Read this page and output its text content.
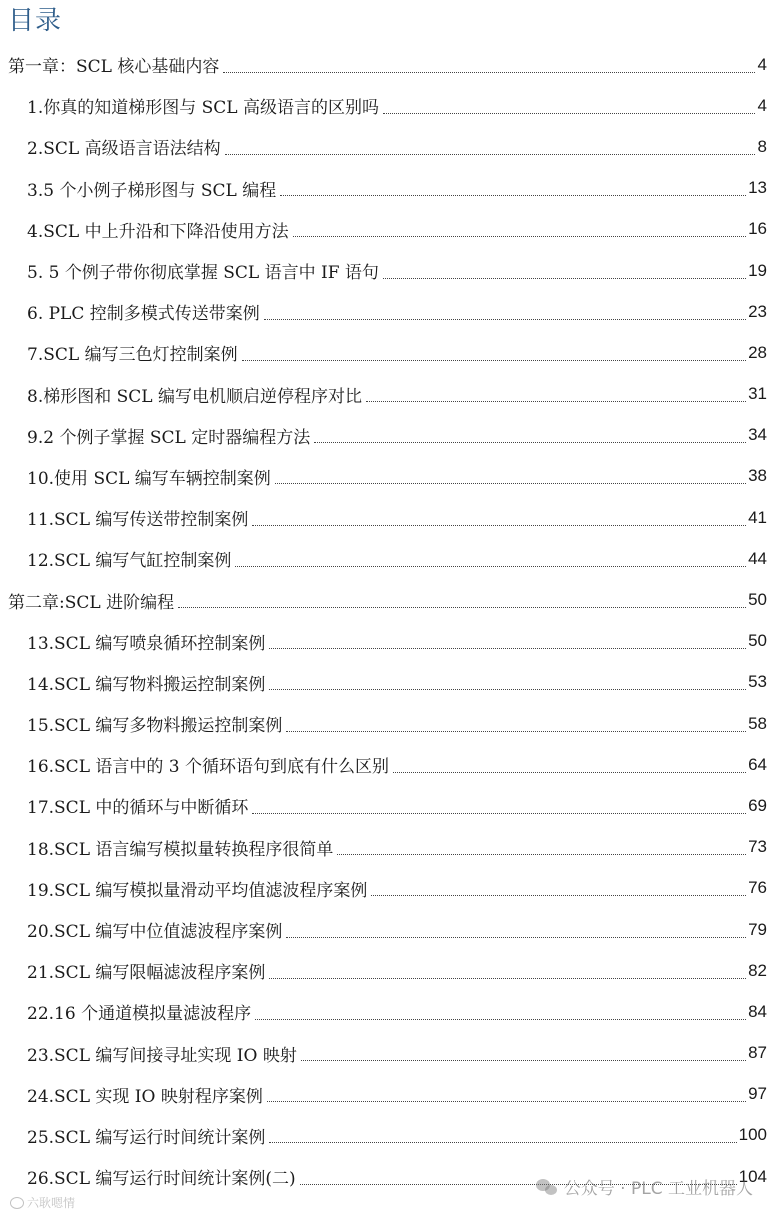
目录
第一章：SCL 核心基础内容	4
1.你真的知道梯形图与 SCL 高级语言的区别吗	4
2.SCL 高级语言语法结构	8
3.5 个小例子梯形图与 SCL 编程	13
4.SCL 中上升沿和下降沿使用方法	16
5. 5 个例子带你彻底掌握 SCL 语言中 IF 语句	19
6. PLC 控制多模式传送带案例	23
7.SCL 编写三色灯控制案例	28
8.梯形图和 SCL 编写电机顺启逆停程序对比	31
9.2 个例子掌握 SCL 定时器编程方法	34
10.使用 SCL 编写车辆控制案例	38
11.SCL 编写传送带控制案例	41
12.SCL 编写气缸控制案例	44
第二章:SCL 进阶编程	50
13.SCL 编写喷泉循环控制案例	50
14.SCL 编写物料搬运控制案例	53
15.SCL 编写多物料搬运控制案例	58
16.SCL 语言中的 3 个循环语句到底有什么区别	64
17.SCL 中的循环与中断循环	69
18.SCL 语言编写模拟量转换程序很简单	73
19.SCL 编写模拟量滑动平均值滤波程序案例	76
20.SCL 编写中位值滤波程序案例	79
21.SCL 编写限幅滤波程序案例	82
22.16 个通道模拟量滤波程序	84
23.SCL 编写间接寻址实现 IO 映射	87
24.SCL 实现 IO 映射程序案例	97
25.SCL 编写运行时间统计案例	100
26.SCL 编写运行时间统计案例(二)	104
公众号 · PLC 工业机器人
六耿嗯情
